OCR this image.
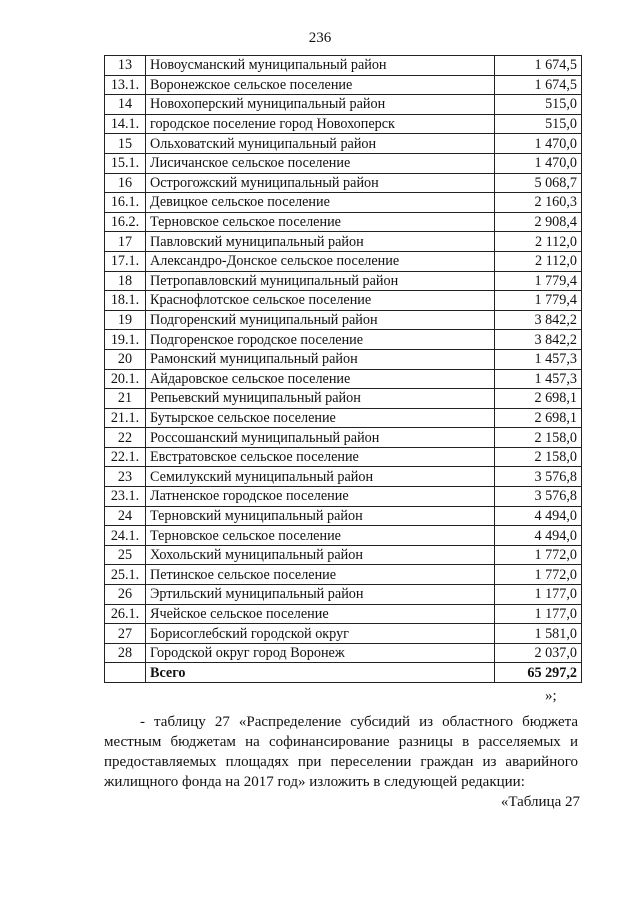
236
13	Новоусманский муниципальный район	1 674,5
13.1.	Воронежское сельское поселение	1 674,5
14	Новохоперский муниципальный район	515,0
14.1.	городское поселение город Новохоперск	515,0
15	Ольховатский муниципальный район	1 470,0
15.1.	Лисичанское сельское поселение	1 470,0
16	Острогожский муниципальный район	5 068,7
16.1.	Девицкое сельское поселение	2 160,3
16.2.	Терновское сельское поселение	2 908,4
17	Павловский муниципальный район	2 112,0
17.1.	Александро-Донское сельское поселение	2 112,0
18	Петропавловский муниципальный район	1 779,4
18.1.	Краснофлотское сельское поселение	1 779,4
19	Подгоренский муниципальный район	3 842,2
19.1.	Подгоренское городское поселение	3 842,2
20	Рамонский муниципальный район	1 457,3
20.1.	Айдаровское сельское поселение	1 457,3
21	Репьевский муниципальный район	2 698,1
21.1.	Бутырское сельское поселение	2 698,1
22	Россошанский муниципальный район	2 158,0
22.1.	Евстратовское сельское поселение	2 158,0
23	Семилукский муниципальный район	3 576,8
23.1.	Латненское городское поселение	3 576,8
24	Терновский муниципальный район	4 494,0
24.1.	Терновское сельское поселение	4 494,0
25	Хохольский муниципальный район	1 772,0
25.1.	Петинское сельское поселение	1 772,0
26	Эртильский муниципальный район	1 177,0
26.1.	Ячейское сельское поселение	1 177,0
27	Борисоглебский городской округ	1 581,0
28	Городской округ город Воронеж	2 037,0
	Всего	65 297,2
»;
- таблицу 27 «Распределение субсидий из областного бюджета местным бюджетам на софинансирование разницы в расселяемых и предоставляемых площадях при переселении граждан из аварийного жилищного фонда на 2017 год» изложить в следующей редакции:
«Таблица 27
